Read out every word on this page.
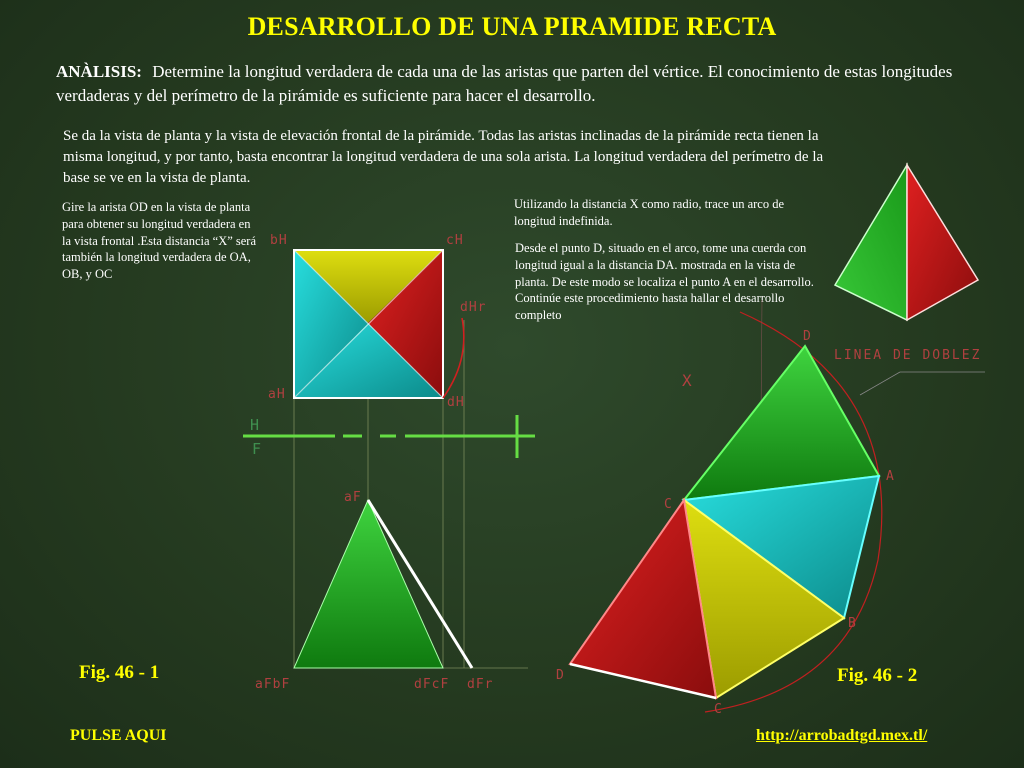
DESARROLLO DE UNA PIRAMIDE RECTA
ANÀLISIS: Determine la longitud verdadera de cada una de las aristas que parten del vértice. El conocimiento de estas longitudes verdaderas y del perímetro de la pirámide es suficiente para hacer el desarrollo.
Se da la vista de planta y la vista de elevación frontal de la pirámide. Todas las aristas inclinadas de la pirámide recta tienen la misma longitud, y por tanto, basta encontrar la longitud verdadera de una sola arista. La longitud verdadera del perímetro de la base se ve en la vista de planta.
Gire la arista OD en la vista de planta para obtener su longitud verdadera en la vista frontal .Esta distancia “X” será también la longitud verdadera de OA, OB, y OC
Utilizando la distancia X como radio, trace un arco de longitud indefinida.
Desde el punto D, situado en el arco, tome una cuerda con longitud igual a la distancia DA. mostrada en la vista de planta. De este modo se localiza el punto A en el desarrollo. Continúe este procedimiento hasta hallar el desarrollo completo
bH	cH
dHr
aH
dH
H
F
aF
aFbF	dFcF dFr
D
A
C
B
D
C
LINEA DE DOBLEZ
X
Fig. 46 - 1	Fig. 46 - 2
PULSE AQUI	http://arrobadtgd.mex.tl/
